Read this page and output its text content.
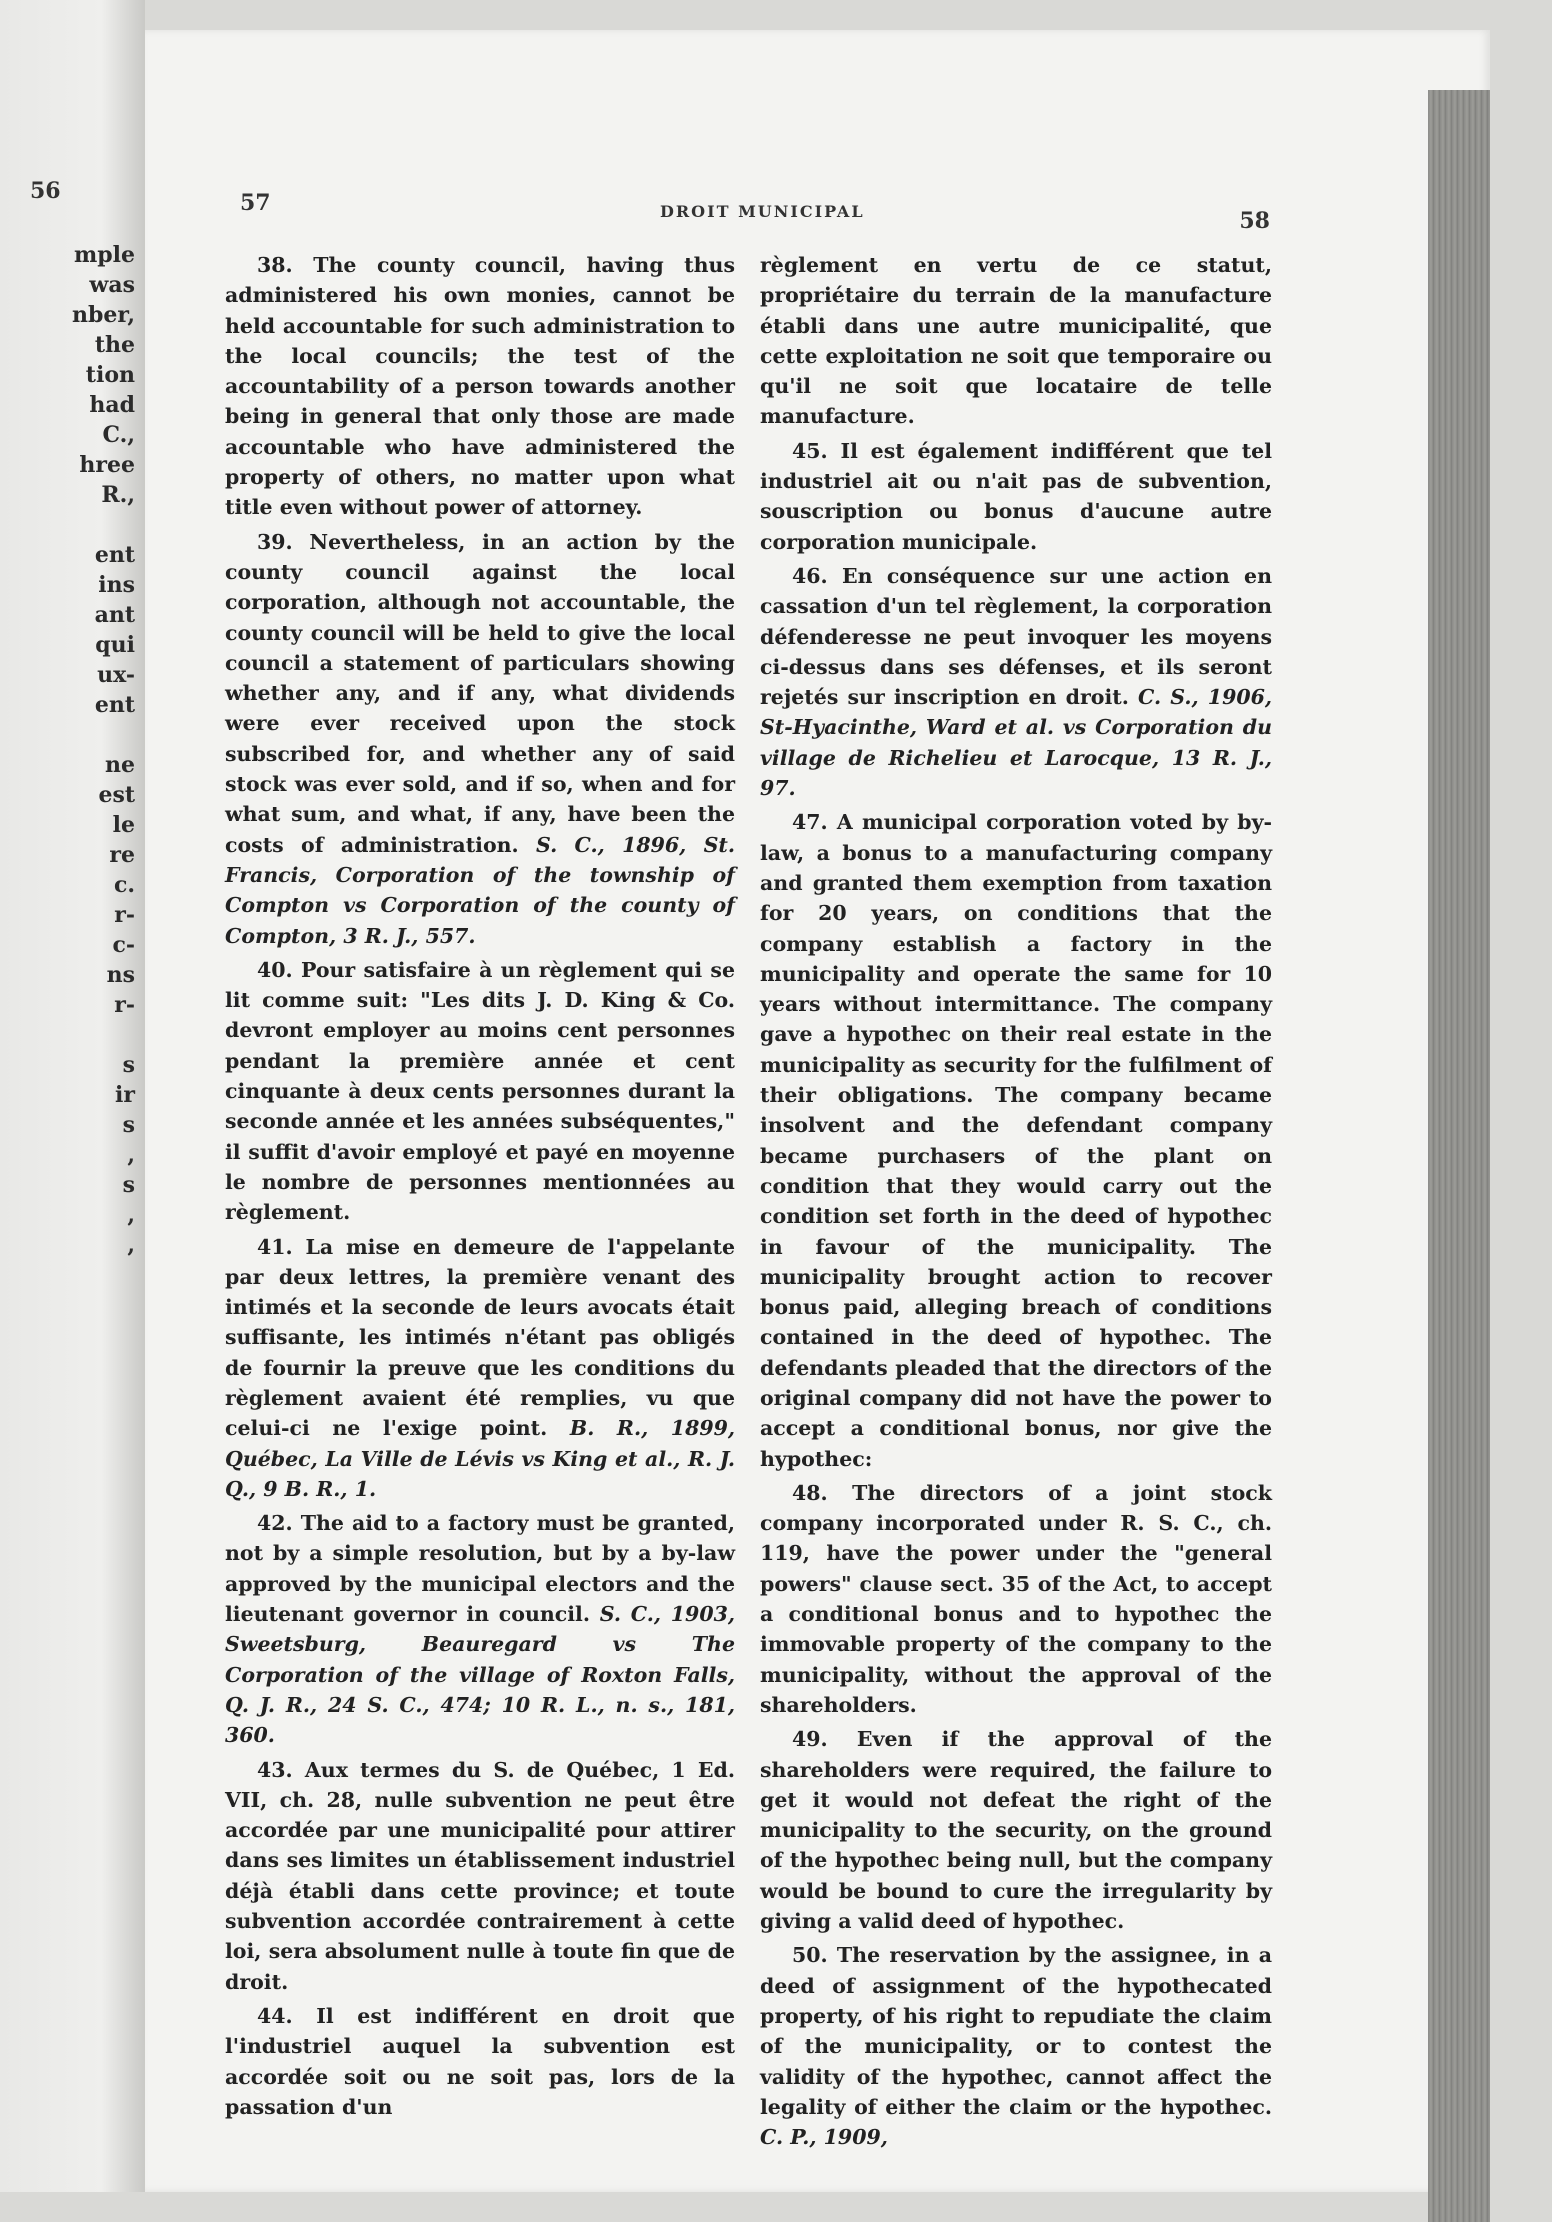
56
mple
was
nber,
the
tion
had
C.,
hree
R.,

ent
ins
ant
qui
ux-
ent

ne
est
le
re
c.
r-
c-
ns
r-

s
ir
s
,
s
,
,
57	DROIT MUNICIPAL	58

38. The county council, having thus administered his own monies, cannot be held accountable for such administration to the local councils; the test of the accountability of a person towards another being in general that only those are made accountable who have administered the property of others, no matter upon what title even without power of attorney.

39. Nevertheless, in an action by the county council against the local corporation, although not accountable, the county council will be held to give the local council a statement of particulars showing whether any, and if any, what dividends were ever received upon the stock subscribed for, and whether any of said stock was ever sold, and if so, when and for what sum, and what, if any, have been the costs of administration. S. C., 1896, St. Francis, Corporation of the township of Compton vs Corporation of the county of Compton, 3 R. J., 557.

40. Pour satisfaire à un règlement qui se lit comme suit: "Les dits J. D. King & Co. devront employer au moins cent personnes pendant la première année et cent cinquante à deux cents personnes durant la seconde année et les années subséquentes," il suffit d'avoir employé et payé en moyenne le nombre de personnes mentionnées au règlement.

41. La mise en demeure de l'appelante par deux lettres, la première venant des intimés et la seconde de leurs avocats était suffisante, les intimés n'étant pas obligés de fournir la preuve que les conditions du règlement avaient été remplies, vu que celui-ci ne l'exige point. B. R., 1899, Québec, La Ville de Lévis vs King et al., R. J. Q., 9 B. R., 1.

42. The aid to a factory must be granted, not by a simple resolution, but by a by-law approved by the municipal electors and the lieutenant governor in council. S. C., 1903, Sweetsburg, Beauregard vs The Corporation of the village of Roxton Falls, Q. J. R., 24 S. C., 474; 10 R. L., n. s., 181, 360.

43. Aux termes du S. de Québec, 1 Ed. VII, ch. 28, nulle subvention ne peut être accordée par une municipalité pour attirer dans ses limites un établissement industriel déjà établi dans cette province; et toute subvention accordée contrairement à cette loi, sera absolument nulle à toute fin que de droit.

44. Il est indifférent en droit que l'industriel auquel la subvention est accordée soit ou ne soit pas, lors de la passation d'un

règlement en vertu de ce statut, propriétaire du terrain de la manufacture établi dans une autre municipalité, que cette exploitation ne soit que temporaire ou qu'il ne soit que locataire de telle manufacture.

45. Il est également indifférent que tel industriel ait ou n'ait pas de subvention, souscription ou bonus d'aucune autre corporation municipale.

46. En conséquence sur une action en cassation d'un tel règlement, la corporation défenderesse ne peut invoquer les moyens ci-dessus dans ses défenses, et ils seront rejetés sur inscription en droit. C. S., 1906, St-Hyacinthe, Ward et al. vs Corporation du village de Richelieu et Larocque, 13 R. J., 97.

47. A municipal corporation voted by by-law, a bonus to a manufacturing company and granted them exemption from taxation for 20 years, on conditions that the company establish a factory in the municipality and operate the same for 10 years without intermittance. The company gave a hypothec on their real estate in the municipality as security for the fulfilment of their obligations. The company became insolvent and the defendant company became purchasers of the plant on condition that they would carry out the condition set forth in the deed of hypothec in favour of the municipality. The municipality brought action to recover bonus paid, alleging breach of conditions contained in the deed of hypothec. The defendants pleaded that the directors of the original company did not have the power to accept a conditional bonus, nor give the hypothec:

48. The directors of a joint stock company incorporated under R. S. C., ch. 119, have the power under the "general powers" clause sect. 35 of the Act, to accept a conditional bonus and to hypothec the immovable property of the company to the municipality, without the approval of the shareholders.

49. Even if the approval of the shareholders were required, the failure to get it would not defeat the right of the municipality to the security, on the ground of the hypothec being null, but the company would be bound to cure the irregularity by giving a valid deed of hypothec.

50. The reservation by the assignee, in a deed of assignment of the hypothecated property, of his right to repudiate the claim of the municipality, or to contest the validity of the hypothec, cannot affect the legality of either the claim or the hypothec. C. P., 1909,
